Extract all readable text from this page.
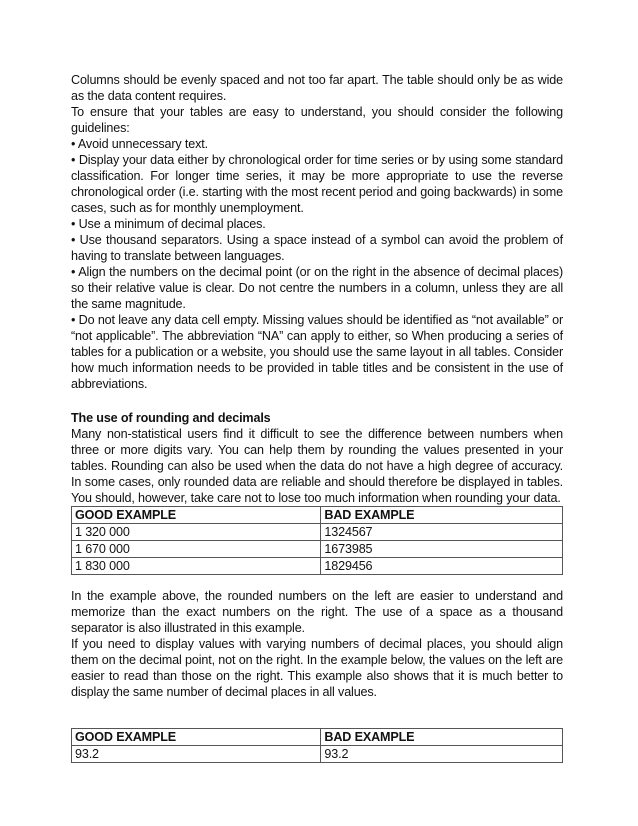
Columns should be evenly spaced and not too far apart. The table should only be as wide as the data content requires.

To ensure that your tables are easy to understand, you should consider the following guidelines:

• Avoid unnecessary text.

• Display your data either by chronological order for time series or by using some standard classification. For longer time series, it may be more appropriate to use the reverse chronological order (i.e. starting with the most recent period and going backwards) in some cases, such as for monthly unemployment.

• Use a minimum of decimal places.

• Use thousand separators. Using a space instead of a symbol can avoid the problem of having to translate between languages.

• Align the numbers on the decimal point (or on the right in the absence of decimal places) so their relative value is clear. Do not centre the numbers in a column, unless they are all the same magnitude.

• Do not leave any data cell empty. Missing values should be identified as “not available” or “not applicable”. The abbreviation “NA” can apply to either, so When producing a series of tables for a publication or a website, you should use the same layout in all tables. Consider how much information needs to be provided in table titles and be consistent in the use of abbreviations.

The use of rounding and decimals

Many non-statistical users find it difficult to see the difference between numbers when three or more digits vary. You can help them by rounding the values presented in your tables. Rounding can also be used when the data do not have a high degree of accuracy. In some cases, only rounded data are reliable and should therefore be displayed in tables. You should, however, take care not to lose too much information when rounding your data.

GOOD EXAMPLE	BAD EXAMPLE
1 320 000	1324567
1 670 000	1673985
1 830 000	1829456

In the example above, the rounded numbers on the left are easier to understand and memorize than the exact numbers on the right. The use of a space as a thousand separator is also illustrated in this example.

If you need to display values with varying numbers of decimal places, you should align them on the decimal point, not on the right. In the example below, the values on the left are easier to read than those on the right. This example also shows that it is much better to display the same number of decimal places in all values.

GOOD EXAMPLE	BAD EXAMPLE
93.2	93.2
